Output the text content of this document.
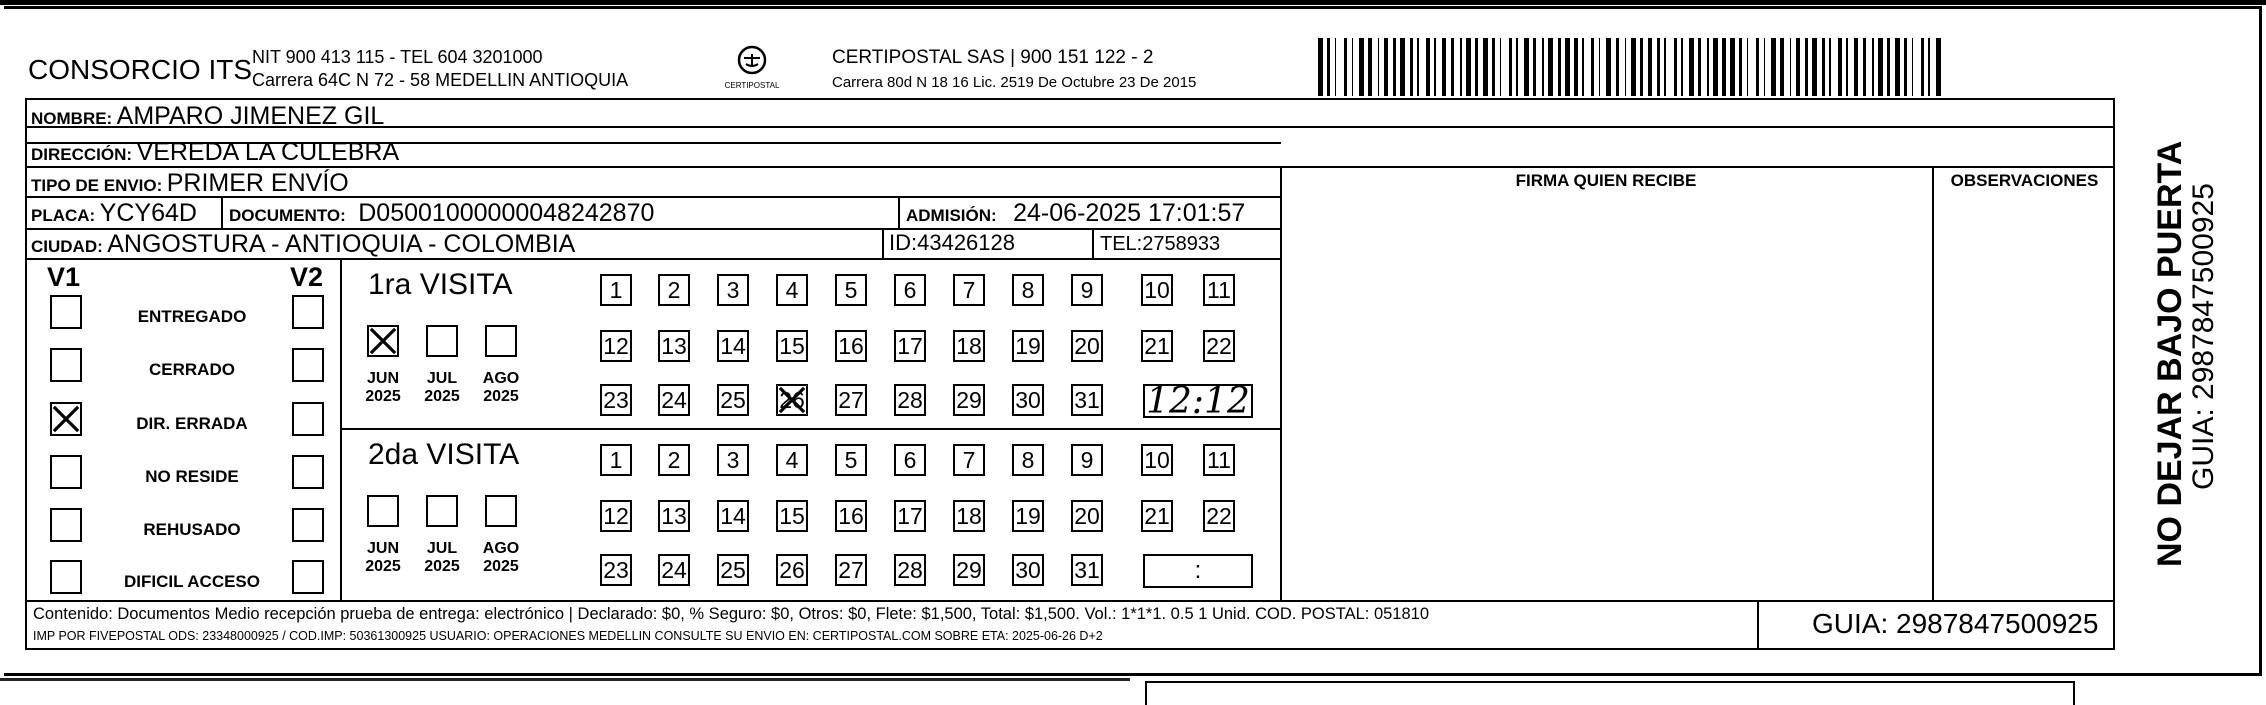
CONSORCIO ITS NIT 900 413 115 - TEL 604 3201000
Carrera 64C N 72 - 58 MEDELLIN ANTIOQUIA	CERTIPOSTAL
CERTIPOSTAL SAS | 900 151 122 - 2
Carrera 80d N 18 16 Lic. 2519 De Octubre 23 De 2015
NOMBRE: AMPARO JIMENEZ GIL
DIRECCIÓN: VEREDA LA CULEBRA
TIPO DE ENVIO: PRIMER ENVÍO
PLACA: YCY64D DOCUMENTO: D05001000000048242870	ADMISIÓN: 24-06-2025 17:01:57
CIUDAD: ANGOSTURA - ANTIOQUIA - COLOMBIA	ID:43426128	TEL:2758933
FIRMA QUIEN RECIBE	OBSERVACIONES
V1	V2
ENTREGADO
CERRADO
DIR. ERRADA
NO RESIDE
REHUSADO
DIFICIL ACCESO
1ra VISITA
JUN
2025
JUL
2025
AGO
2025
1	2	3	4	5	6	7	8	9	10 11
12 13 14 15 16 17 18 19 20 21 22
23 24 25 26 27 28 29 30 31 12:12
2da VISITA
JUN
2025
JUL
2025
AGO
2025
1	2	3	4	5	6	7	8	9	10 11
12 13 14 15 16 17 18 19 20 21 22
23 24 25 26 27 28 29 30 31	:
Contenido: Documentos Medio recepción prueba de entrega: electrónico | Declarado: $0, % Seguro: $0, Otros: $0, Flete: $1,500, Total: $1,500. Vol.: 1*1*1. 0.5 1 Unid. COD. POSTAL: 051810
IMP POR FIVEPOSTAL ODS: 23348000925 / COD.IMP: 50361300925 USUARIO: OPERACIONES MEDELLIN CONSULTE SU ENVIO EN: CERTIPOSTAL.COM SOBRE ETA: 2025-06-26 D+2	GUIA: 2987847500925
NO DEJAR BAJO PUERTA
GUIA: 2987847500925
